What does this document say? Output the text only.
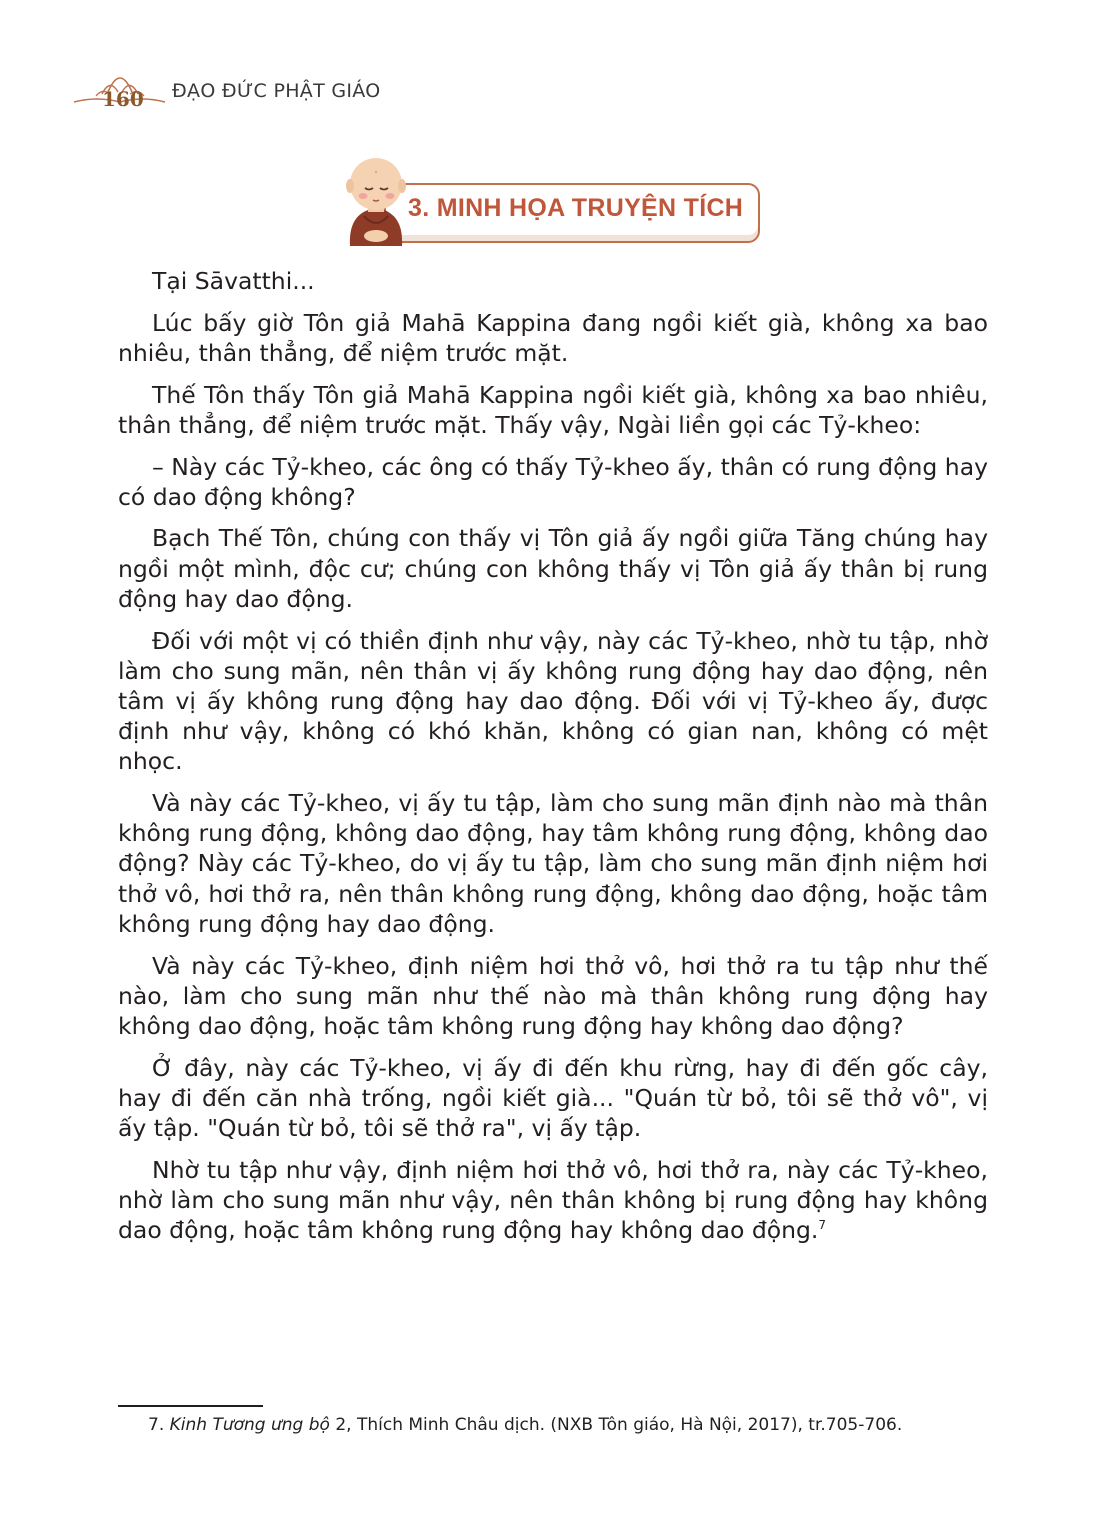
160 ĐẠO ĐỨC PHẬT GIÁO
3. MINH HỌA TRUYỆN TÍCH

Tại Sāvatthi...

Lúc bấy giờ Tôn giả Mahā Kappina đang ngồi kiết già, không xa bao nhiêu, thân thẳng, để niệm trước mặt.

Thế Tôn thấy Tôn giả Mahā Kappina ngồi kiết già, không xa bao nhiêu, thân thẳng, để niệm trước mặt. Thấy vậy, Ngài liền gọi các Tỷ-kheo:

– Này các Tỷ-kheo, các ông có thấy Tỷ-kheo ấy, thân có rung động hay có dao động không?

Bạch Thế Tôn, chúng con thấy vị Tôn giả ấy ngồi giữa Tăng chúng hay ngồi một mình, độc cư; chúng con không thấy vị Tôn giả ấy thân bị rung động hay dao động.

Đối với một vị có thiền định như vậy, này các Tỷ-kheo, nhờ tu tập, nhờ làm cho sung mãn, nên thân vị ấy không rung động hay dao động, nên tâm vị ấy không rung động hay dao động. Đối với vị Tỷ-kheo ấy, được định như vậy, không có khó khăn, không có gian nan, không có mệt nhọc.

Và này các Tỷ-kheo, vị ấy tu tập, làm cho sung mãn định nào mà thân không rung động, không dao động, hay tâm không rung động, không dao động? Này các Tỷ-kheo, do vị ấy tu tập, làm cho sung mãn định niệm hơi thở vô, hơi thở ra, nên thân không rung động, không dao động, hoặc tâm không rung động hay dao động.

Và này các Tỷ-kheo, định niệm hơi thở vô, hơi thở ra tu tập như thế nào, làm cho sung mãn như thế nào mà thân không rung động hay không dao động, hoặc tâm không rung động hay không dao động?

Ở đây, này các Tỷ-kheo, vị ấy đi đến khu rừng, hay đi đến gốc cây, hay đi đến căn nhà trống, ngồi kiết già... "Quán từ bỏ, tôi sẽ thở vô", vị ấy tập. "Quán từ bỏ, tôi sẽ thở ra", vị ấy tập.

Nhờ tu tập như vậy, định niệm hơi thở vô, hơi thở ra, này các Tỷ-kheo, nhờ làm cho sung mãn như vậy, nên thân không bị rung động hay không dao động, hoặc tâm không rung động hay không dao động.$^7$

7. Kinh Tương ưng bộ 2, Thích Minh Châu dịch. (NXB Tôn giáo, Hà Nội, 2017), tr.705-706.
